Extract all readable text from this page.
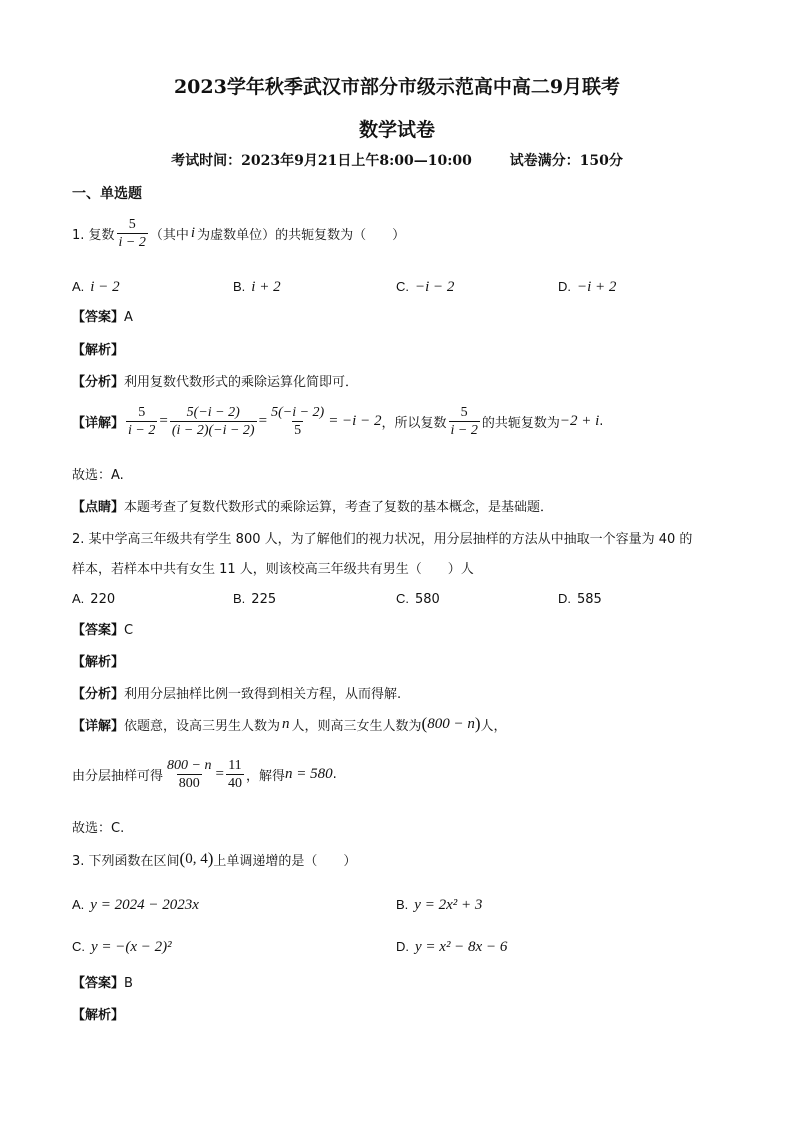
2023学年秋季武汉市部分市级示范高中高二9月联考
数学试卷
考试时间：2023年9月21日上午8:00—10:00	试卷满分：150分
一、单选题
1. 复数 $\frac{5}{i - 2}$ （其中 i 为虚数单位）的共轭复数为（　　）
A. i − 2	B. i + 2	C. −i − 2	D. −i + 2
【答案】A
【解析】
【分析】利用复数代数形式的乘除运算化简即可．
【详解】 $\frac{5}{i - 2} = \frac{5(-i - 2)}{(i - 2)(-i - 2)} = \frac{5(-i - 2)}{5} = -i - 2$ ，所以复数 $\frac{5}{i - 2}$ 的共轭复数为 −2 + i .
故选：A.
【点睛】本题考查了复数代数形式的乘除运算，考查了复数的基本概念，是基础题．
2. 某中学高三年级共有学生 800 人，为了解他们的视力状况，用分层抽样的方法从中抽取一个容量为 40 的
样本，若样本中共有女生 11 人，则该校高三年级共有男生（　　）人
A. 220	B. 225	C. 580	D. 585
【答案】C
【解析】
【分析】利用分层抽样比例一致得到相关方程，从而得解.
【详解】 依题意，设高三男生人数为 n 人，则高三女生人数为 ( 800 − n ) 人，
由分层抽样可得 $\frac{800 - n}{800} = \frac{11}{40}$ ，解得 n = 580 .
故选：C.
3. 下列函数在区间 ( 0, 4 ) 上单调递增的是（　　）
A. y = 2024 − 2023x	B. y = 2x² + 3
C. y = −(x − 2)²	D. y = x² − 8x − 6
【答案】B
【解析】
